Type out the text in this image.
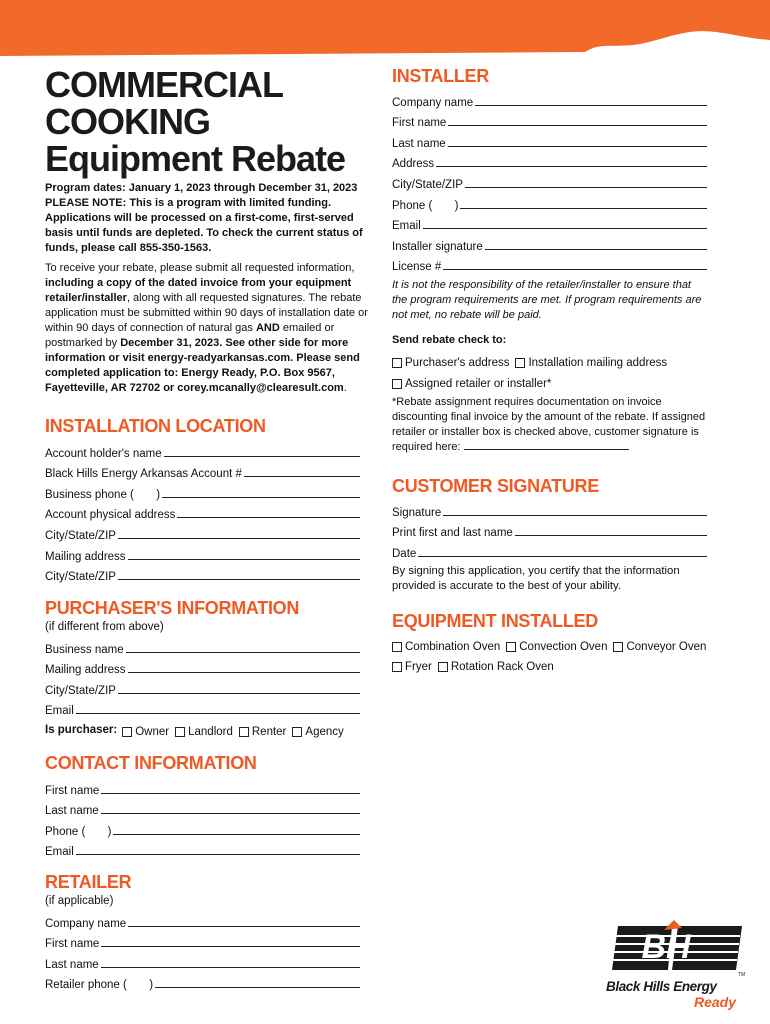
COMMERCIAL
COOKING
Equipment Rebate
Program dates: January 1, 2023 through December 31, 2023
PLEASE NOTE: This is a program with limited funding. Applications will be processed on a first-come, first-served basis until funds are depleted. To check the current status of funds, please call 855-350-1563.
To receive your rebate, please submit all requested information, including a copy of the dated invoice from your equipment retailer/installer, along with all requested signatures. The rebate application must be submitted within 90 days of installation date or within 90 days of connection of natural gas AND emailed or postmarked by December 31, 2023. See other side for more information or visit energy-readyarkansas.com. Please send completed application to: Energy Ready, P.O. Box 9567, Fayetteville, AR 72702 or corey.mcanally@clearesult.com.
INSTALLATION LOCATION
Account holder's name
Black Hills Energy Arkansas Account #
Business phone (       )
Account physical address
City/State/ZIP
Mailing address
City/State/ZIP
PURCHASER'S INFORMATION
(if different from above)
Business name
Mailing address
City/State/ZIP
Email
Is purchaser: Owner Landlord Renter Agency
CONTACT INFORMATION
First name
Last name
Phone (       )
Email
RETAILER
(if applicable)
Company name
First name
Last name
Retailer phone (       )
INSTALLER
Company name
First name
Last name
Address
City/State/ZIP
Phone (       )
Email
Installer signature
License #
It is not the responsibility of the retailer/installer to ensure that the program requirements are met. If program requirements are not met, no rebate will be paid.
Send rebate check to:
Purchaser's address Installation mailing address
Assigned retailer or installer*
*Rebate assignment requires documentation on invoice discounting final invoice by the amount of the rebate. If assigned retailer or installer box is checked above, customer signature is required here:
CUSTOMER SIGNATURE
Signature
Print first and last name
Date
By signing this application, you certify that the information provided is accurate to the best of your ability.
EQUIPMENT INSTALLED
Combination Oven Convection Oven Conveyor Oven
Fryer Rotation Rack Oven
BH
TM
Black Hills Energy
Ready
